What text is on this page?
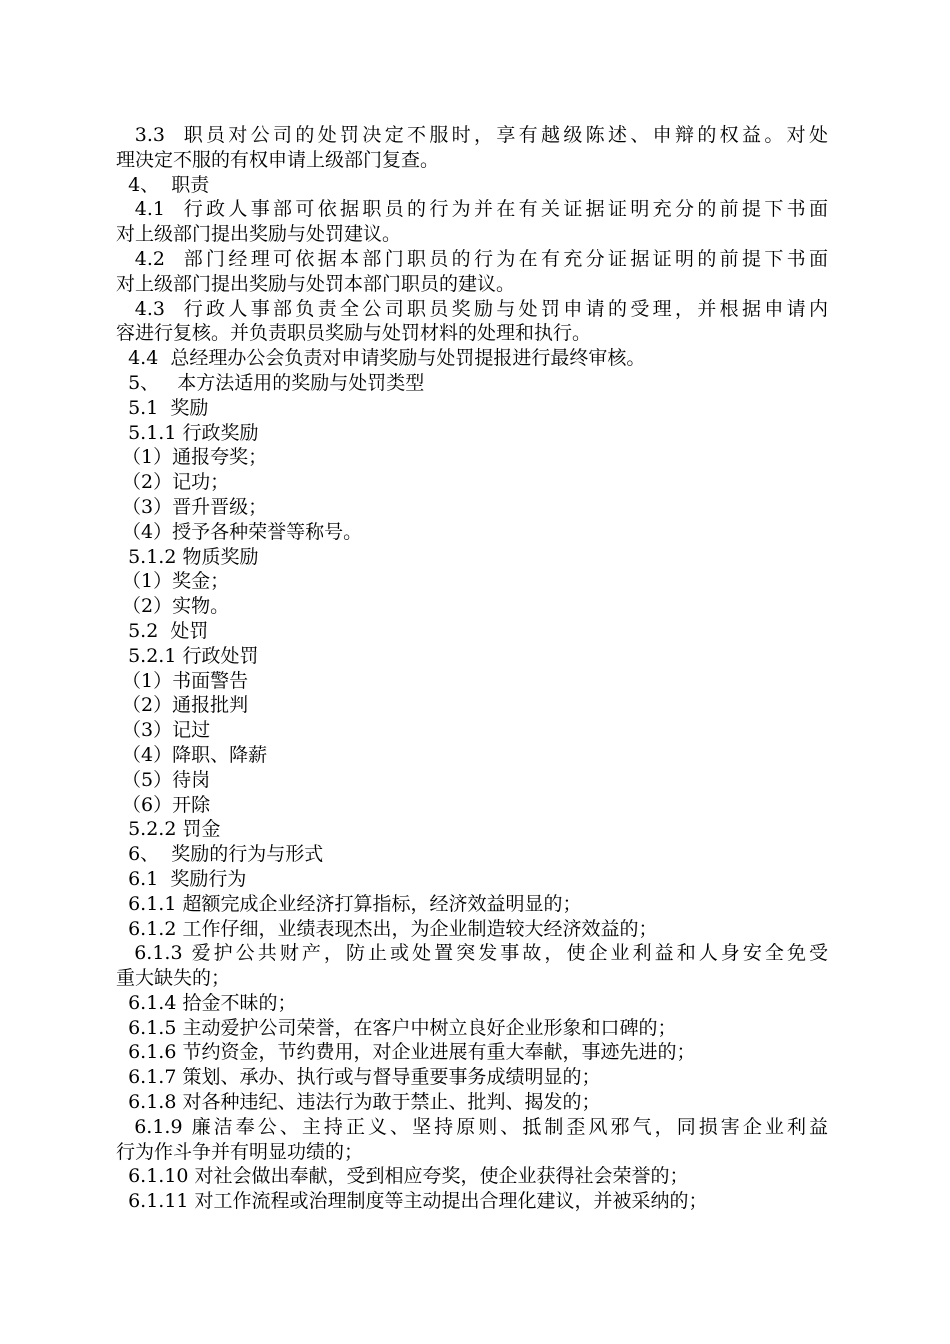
3.3  职员对公司的处罚决定不服时，享有越级陈述、申辩的权益。对处
理决定不服的有权申请上级部门复查。
4、  职责
4.1  行政人事部可依据职员的行为并在有关证据证明充分的前提下书面
对上级部门提出奖励与处罚建议。
4.2  部门经理可依据本部门职员的行为在有充分证据证明的前提下书面
对上级部门提出奖励与处罚本部门职员的建议。
4.3  行政人事部负责全公司职员奖励与处罚申请的受理，并根据申请内
容进行复核。并负责职员奖励与处罚材料的处理和执行。
4.4  总经理办公会负责对申请奖励与处罚提报进行最终审核。
5、   本方法适用的奖励与处罚类型
5.1  奖励
5.1.1 行政奖励
（1）通报夸奖；
（2）记功；
（3）晋升晋级；
（4）授予各种荣誉等称号。
5.1.2 物质奖励
（1）奖金；
（2）实物。
5.2  处罚
5.2.1 行政处罚
（1）书面警告
（2）通报批判
（3）记过
（4）降职、降薪
（5）待岗
（6）开除
5.2.2 罚金
6、  奖励的行为与形式
6.1  奖励行为
6.1.1 超额完成企业经济打算指标，经济效益明显的；
6.1.2 工作仔细，业绩表现杰出，为企业制造较大经济效益的；
6.1.3 爱护公共财产，防止或处置突发事故，使企业利益和人身安全免受
重大缺失的；
6.1.4 拾金不昧的；
6.1.5 主动爱护公司荣誉，在客户中树立良好企业形象和口碑的；
6.1.6 节约资金，节约费用，对企业进展有重大奉献，事迹先进的；
6.1.7 策划、承办、执行或与督导重要事务成绩明显的；
6.1.8 对各种违纪、违法行为敢于禁止、批判、揭发的；
6.1.9 廉洁奉公、主持正义、坚持原则、抵制歪风邪气，同损害企业利益
行为作斗争并有明显功绩的；
6.1.10 对社会做出奉献，受到相应夸奖，使企业获得社会荣誉的；
6.1.11 对工作流程或治理制度等主动提出合理化建议，并被采纳的；
